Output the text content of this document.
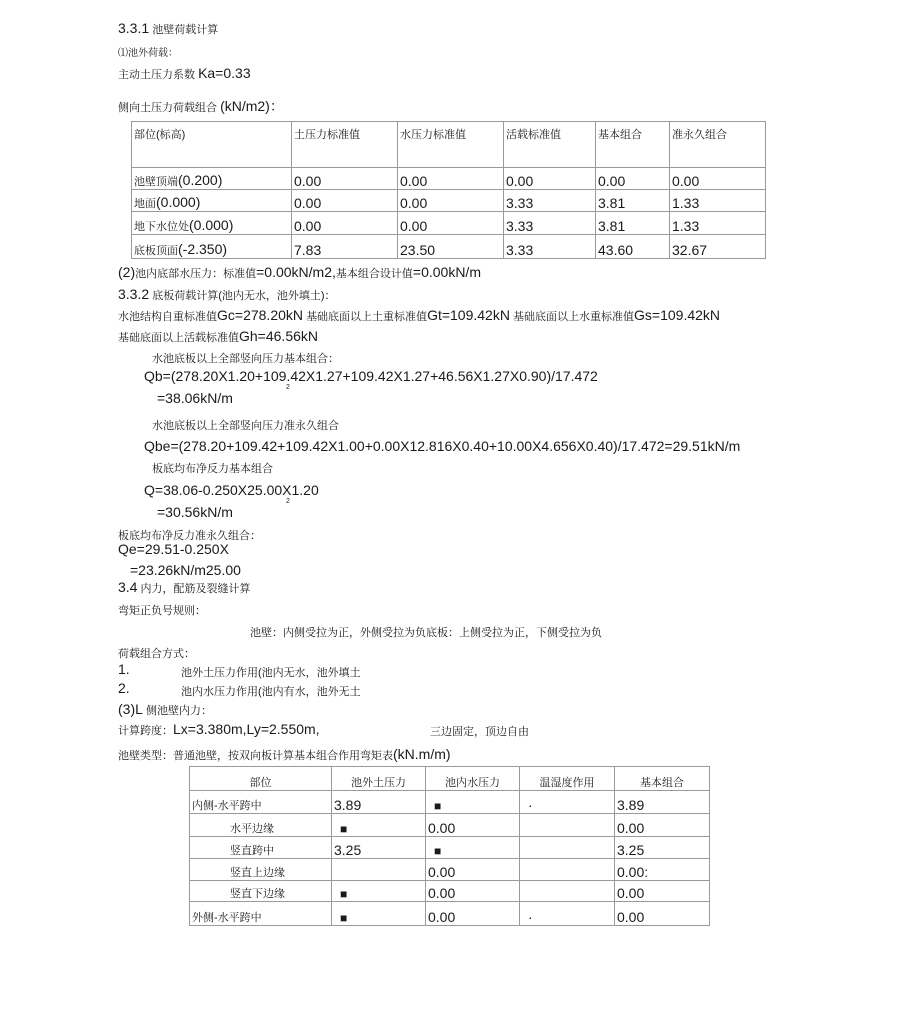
3.3.1 池壁荷载计算
⑴池外荷载：
主动土压力系数 Ka=0.33
侧向土压力荷载组合 (kN/m2)：
部位(标高)	土压力标准值	水压力标准值	活载标准值	基本组合	准永久组合
池壁顶端(0.200)	0.00	0.00	0.00	0.00	0.00
地面(0.000)	0.00	0.00	3.33	3.81	1.33
地下水位处(0.000)	0.00	0.00	3.33	3.81	1.33
底板顶面(-2.350)	7.83	23.50	3.33	43.60	32.67
(2)池内底部水压力：标准值=0.00kN/m2,基本组合设计值=0.00kN/m
3.3.2 底板荷载计算(池内无水，池外填土)：
水池结构自重标准值Gc=278.20kN 基础底面以上土重标准值Gt=109.42kN 基础底面以上水重标准值Gs=109.42kN
基础底面以上活载标准值Gh=46.56kN
水池底板以上全部竖向压力基本组合：
Qb=(278.20X1.20+109.42X1.27+109.42X1.27+46.56X1.27X0.90)/17.472
2
=38.06kN/m
水池底板以上全部竖向压力准永久组合
Qbe=(278.20+109.42+109.42X1.00+0.00X12.816X0.40+10.00X4.656X0.40)/17.472=29.51kN/m
板底均布净反力基本组合
Q=38.06-0.250X25.00X1.20
2
=30.56kN/m
板底均布净反力准永久组合：
Qe=29.51-0.250X
=23.26kN/m25.00
3.4 内力，配筋及裂缝计算
弯矩正负号规则：
池壁：内侧受拉为正，外侧受拉为负底板：上侧受拉为正，下侧受拉为负
荷载组合方式：
1.	池外土压力作用(池内无水，池外填土
2.	池内水压力作用(池内有水，池外无土
(3)L 侧池壁内力：
计算跨度：Lx=3.380m,Ly=2.550m,	三边固定，顶边自由
池壁类型：普通池壁，按双向板计算基本组合作用弯矩表(kN.m/m)
部位	池外土压力	池内水压力	温湿度作用	基本组合
内侧-水平跨中	3.89	■	·	3.89
水平边缘	■	0.00		0.00
竖直跨中	3.25	■		3.25
竖直上边缘		0.00		0.00:
竖直下边缘	■	0.00		0.00
外侧-水平跨中	■	0.00	·	0.00
